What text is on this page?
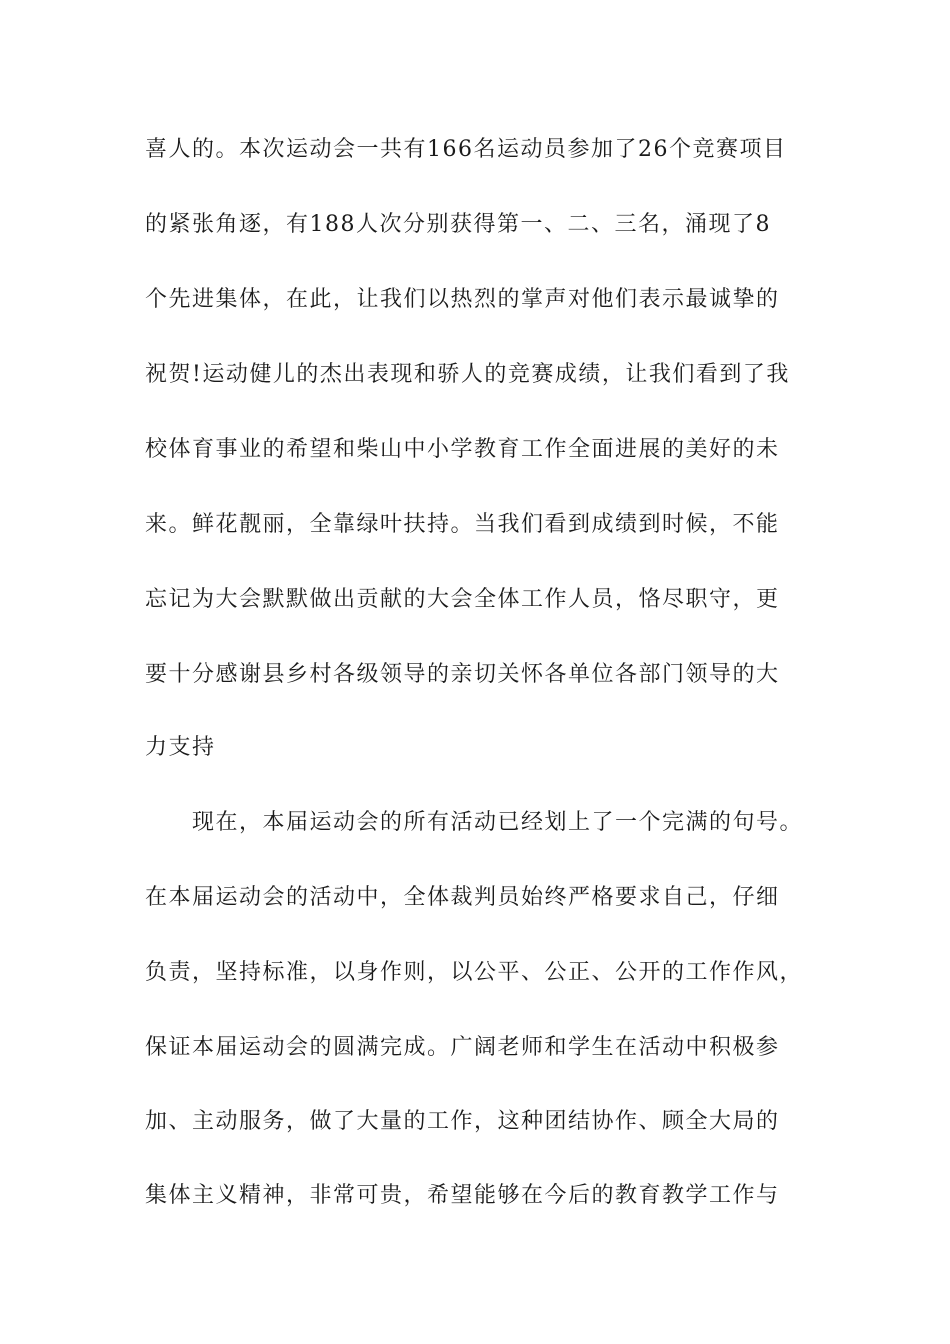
喜人的。本次运动会一共有166名运动员参加了26个竞赛项目
的紧张角逐，有188人次分别获得第一、二、三名，涌现了8
个先进集体，在此，让我们以热烈的掌声对他们表示最诚挚的
祝贺!运动健儿的杰出表现和骄人的竞赛成绩，让我们看到了我
校体育事业的希望和柴山中小学教育工作全面进展的美好的未
来。鲜花靓丽，全靠绿叶扶持。当我们看到成绩到时候，不能
忘记为大会默默做出贡献的大会全体工作人员，恪尽职守，更
要十分感谢县乡村各级领导的亲切关怀各单位各部门领导的大
力支持
现在，本届运动会的所有活动已经划上了一个完满的句号。
在本届运动会的活动中，全体裁判员始终严格要求自己，仔细
负责，坚持标准，以身作则，以公平、公正、公开的工作作风，
保证本届运动会的圆满完成。广阔老师和学生在活动中积极参
加、主动服务，做了大量的工作，这种团结协作、顾全大局的
集体主义精神，非常可贵，希望能够在今后的教育教学工作与
